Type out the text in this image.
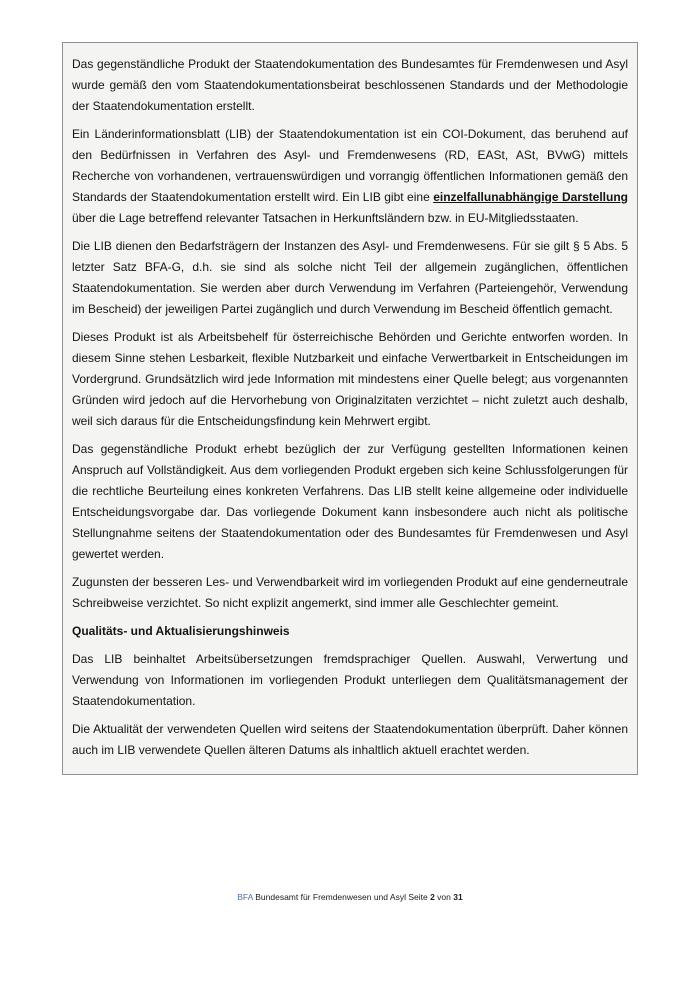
Das gegenständliche Produkt der Staatendokumentation des Bundesamtes für Fremdenwesen und Asyl wurde gemäß den vom Staatendokumentationsbeirat beschlossenen Standards und der Methodologie der Staatendokumentation erstellt.

Ein Länderinformationsblatt (LIB) der Staatendokumentation ist ein COI-Dokument, das beruhend auf den Bedürfnissen in Verfahren des Asyl- und Fremdenwesens (RD, EASt, ASt, BVwG) mittels Recherche von vorhandenen, vertrauenswürdigen und vorrangig öffentlichen Informationen gemäß den Standards der Staatendokumentation erstellt wird. Ein LIB gibt eine einzelfallunabhängige Darstellung über die Lage betreffend relevanter Tatsachen in Herkunftsländern bzw. in EU-Mitgliedsstaaten.

Die LIB dienen den Bedarfsträgern der Instanzen des Asyl- und Fremdenwesens. Für sie gilt § 5 Abs. 5 letzter Satz BFA-G, d.h. sie sind als solche nicht Teil der allgemein zugänglichen, öffentlichen Staatendokumentation. Sie werden aber durch Verwendung im Verfahren (Parteiengehör, Verwendung im Bescheid) der jeweiligen Partei zugänglich und durch Verwendung im Bescheid öffentlich gemacht.

Dieses Produkt ist als Arbeitsbehelf für österreichische Behörden und Gerichte entworfen worden. In diesem Sinne stehen Lesbarkeit, flexible Nutzbarkeit und einfache Verwertbarkeit in Entscheidungen im Vordergrund. Grundsätzlich wird jede Information mit mindestens einer Quelle belegt; aus vorgenannten Gründen wird jedoch auf die Hervorhebung von Originalzitaten verzichtet – nicht zuletzt auch deshalb, weil sich daraus für die Entscheidungsfindung kein Mehrwert ergibt.

Das gegenständliche Produkt erhebt bezüglich der zur Verfügung gestellten Informationen keinen Anspruch auf Vollständigkeit. Aus dem vorliegenden Produkt ergeben sich keine Schlussfolgerungen für die rechtliche Beurteilung eines konkreten Verfahrens. Das LIB stellt keine allgemeine oder individuelle Entscheidungsvorgabe dar. Das vorliegende Dokument kann insbesondere auch nicht als politische Stellungnahme seitens der Staatendokumentation oder des Bundesamtes für Fremdenwesen und Asyl gewertet werden.

Zugunsten der besseren Les- und Verwendbarkeit wird im vorliegenden Produkt auf eine genderneutrale Schreibweise verzichtet. So nicht explizit angemerkt, sind immer alle Geschlechter gemeint.

Qualitäts- und Aktualisierungshinweis

Das LIB beinhaltet Arbeitsübersetzungen fremdsprachiger Quellen. Auswahl, Verwertung und Verwendung von Informationen im vorliegenden Produkt unterliegen dem Qualitätsmanagement der Staatendokumentation.

Die Aktualität der verwendeten Quellen wird seitens der Staatendokumentation überprüft. Daher können auch im LIB verwendete Quellen älteren Datums als inhaltlich aktuell erachtet werden.

BFA Bundesamt für Fremdenwesen und Asyl Seite 2 von 31
